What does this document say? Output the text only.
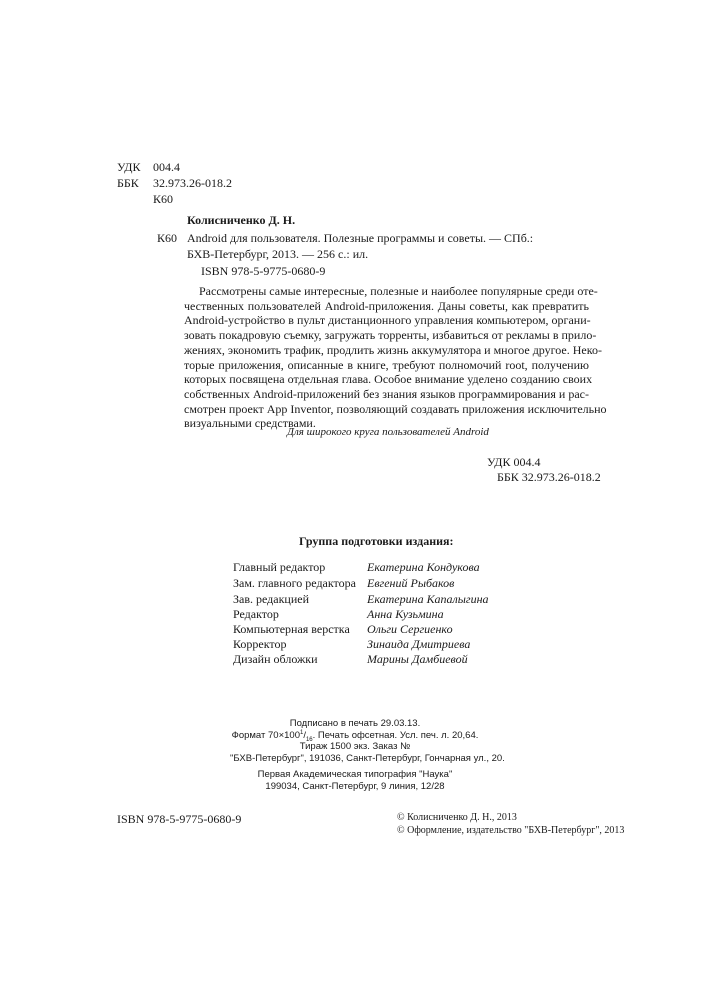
УДК 004.4
ББК 32.973.26-018.2
К60
Колисниченко Д. Н.
К60 Android для пользователя. Полезные программы и советы. — СПб.:
БХВ-Петербург, 2013. — 256 с.: ил.
ISBN 978-5-9775-0680-9
Рассмотрены самые интересные, полезные и наиболее популярные среди оте-
чественных пользователей Android-приложения. Даны советы, как превратить
Android-устройство в пульт дистанционного управления компьютером, органи-
зовать покадровую съемку, загружать торренты, избавиться от рекламы в прило-
жениях, экономить трафик, продлить жизнь аккумулятора и многое другое. Неко-
торые приложения, описанные в книге, требуют полномочий root, получению
которых посвящена отдельная глава. Особое внимание уделено созданию своих
собственных Android-приложений без знания языков программирования и рас-
смотрен проект App Inventor, позволяющий создавать приложения исключительно
визуальными средствами.
Для широкого круга пользователей Android
УДК 004.4
ББК 32.973.26-018.2
Группа подготовки издания:
Главный редактор	Екатерина Кондукова
Зам. главного редактора Евгений Рыбаков
Зав. редакцией	Екатерина Капалыгина
Редактор	Анна Кузьмина
Компьютерная верстка Ольги Сергиенко
Корректор	Зинаида Дмитриева
Дизайн обложки	Марины Дамбиевой
Подписано в печать 29.03.13.
Формат $70\times 100^1/_{16}$. Печать офсетная. Усл. печ. л. 20,64.
Тираж 1500 экз. Заказ №
"БХВ-Петербург", 191036, Санкт-Петербург, Гончарная ул., 20.
Первая Академическая типография "Наука"
199034, Санкт-Петербург, 9 линия, 12/28
ISBN 978-5-9775-0680-9	© Колисниченко Д. Н., 2013
© Оформление, издательство "БХВ-Петербург", 2013
